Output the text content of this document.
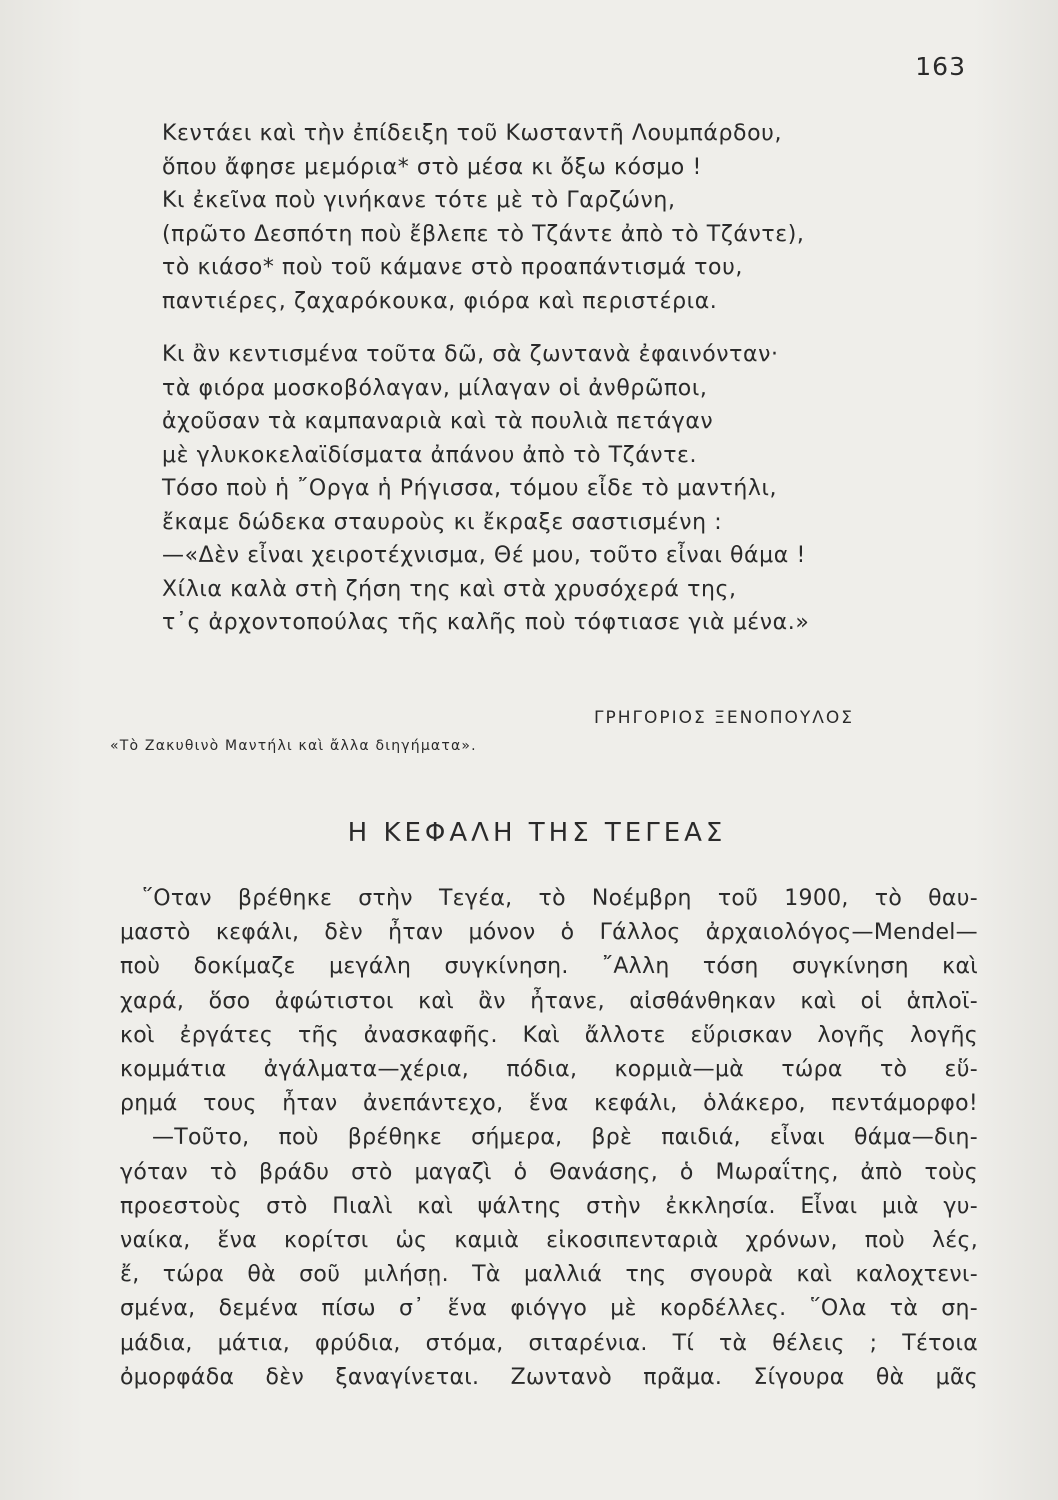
163
Κεντάει καὶ τὴν ἐπίδειξη τοῦ Κωσταντῆ Λουμπάρδου,
ὅπου ἄφησε μεμόρια* στὸ μέσα κι ὄξω κόσμο !
Κι ἐκεῖνα ποὺ γινήκανε τότε μὲ τὸ Γαρζώνη,
(πρῶτο Δεσπότη ποὺ ἔβλεπε τὸ Τζάντε ἀπὸ τὸ Τζάντε),
τὸ κιάσο* ποὺ τοῦ κάμανε στὸ προαπάντισμά του,
παντιέρες, ζαχαρόκουκα, φιόρα καὶ περιστέρια.
Κι ἂν κεντισμένα τοῦτα δῶ, σὰ ζωντανὰ ἐφαινόνταν·
τὰ φιόρα μοσκοβόλαγαν, μίλαγαν οἱ ἀνθρῶποι,
ἀχοῦσαν τὰ καμπαναριὰ καὶ τὰ πουλιὰ πετάγαν
μὲ γλυκοκελαϊδίσματα ἀπάνου ἀπὸ τὸ Τζάντε.
Τόσο ποὺ ἡ ῎Οργα ἡ Ρήγισσα, τόμου εἶδε τὸ μαντήλι,
ἔκαμε δώδεκα σταυροὺς κι ἔκραξε σαστισμένη :
—«Δὲν εἶναι χειροτέχνισμα, Θέ μου, τοῦτο εἶναι θάμα !
Χίλια καλὰ στὴ ζήση της καὶ στὰ χρυσόχερά της,
τ᾽ς ἀρχοντοπούλας τῆς καλῆς ποὺ τόφτιασε γιὰ μένα.»
ΓΡΗΓΟΡΙΟΣ ΞΕΝΟΠΟΥΛΟΣ
«Τὸ Ζακυθινὸ Μαντήλι καὶ ἄλλα διηγήματα».
Η ΚΕΦΑΛΗ ΤΗΣ ΤΕΓΕΑΣ
῞Οταν βρέθηκε στὴν Τεγέα, τὸ Νοέμβρη τοῦ 1900, τὸ θαυ-
μαστὸ κεφάλι, δὲν ἦταν μόνον ὁ Γάλλος ἀρχαιολόγος—Mendel—
ποὺ δοκίμαζε μεγάλη συγκίνηση. ῎Αλλη τόση συγκίνηση καὶ
χαρά, ὅσο ἀφώτιστοι καὶ ἂν ἦτανε, αἰσθάνθηκαν καὶ οἱ ἁπλοϊ-
κοὶ ἐργάτες τῆς ἀνασκαφῆς. Καὶ ἄλλοτε εὕρισκαν λογῆς λογῆς
κομμάτια ἀγάλματα—χέρια, πόδια, κορμιὰ—μὰ τώρα τὸ εὕ-
ρημά τους ἦταν ἀνεπάντεχο, ἕνα κεφάλι, ὁλάκερο, πεντάμορφο!
—Τοῦτο, ποὺ βρέθηκε σήμερα, βρὲ παιδιά, εἶναι θάμα—διη-
γόταν τὸ βράδυ στὸ μαγαζὶ ὁ Θανάσης, ὁ Μωραΐτης, ἀπὸ τοὺς
προεστοὺς στὸ Πιαλὶ καὶ ψάλτης στὴν ἐκκλησία. Εἶναι μιὰ γυ-
ναίκα, ἕνα κορίτσι ὡς καμιὰ εἰκοσιπενταριὰ χρόνων, ποὺ λές,
ἔ, τώρα θὰ σοῦ μιλήσῃ. Τὰ μαλλιά της σγουρὰ καὶ καλοχτενι-
σμένα, δεμένα πίσω σ᾽ ἕνα φιόγγο μὲ κορδέλλες. ῞Ολα τὰ ση-
μάδια, μάτια, φρύδια, στόμα, σιταρένια. Τί τὰ θέλεις ; Τέτοια
ὀμορφάδα δὲν ξαναγίνεται. Ζωντανὸ πρᾶμα. Σίγουρα θὰ μᾶς
